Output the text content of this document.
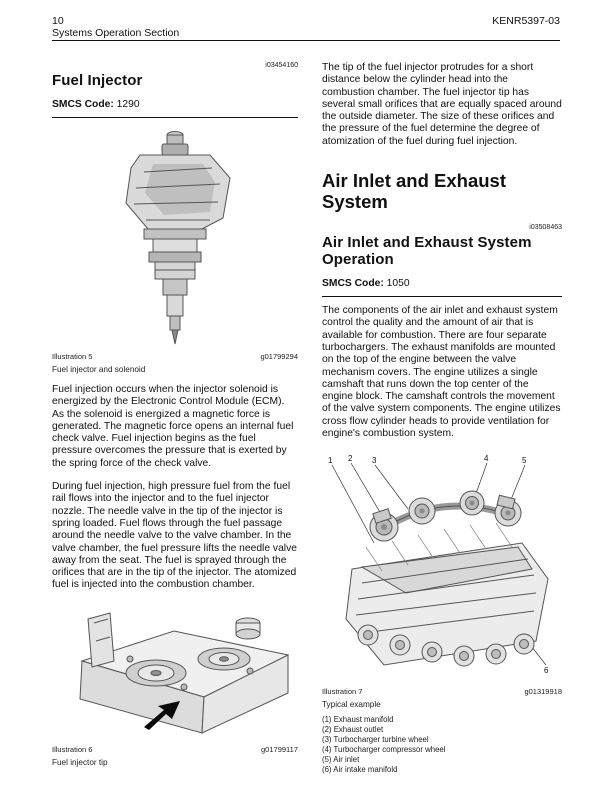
10
Systems Operation Section
KENR5397-03
i03454160
Fuel Injector
SMCS Code: 1290
Illustration 5	g01799294
Fuel injector and solenoid

Fuel injection occurs when the injector solenoid is energized by the Electronic Control Module (ECM). As the solenoid is energized a magnetic force is generated. The magnetic force opens an internal fuel check valve. Fuel injection begins as the fuel pressure overcomes the pressure that is exerted by the spring force of the check valve.

During fuel injection, high pressure fuel from the fuel rail flows into the injector and to the fuel injector nozzle. The needle valve in the tip of the injector is spring loaded. Fuel flows through the fuel passage around the needle valve to the valve chamber. In the valve chamber, the fuel pressure lifts the needle valve away from the seat. The fuel is sprayed through the orifices that are in the tip of the injector. The atomized fuel is injected into the combustion chamber.

Illustration 6	g01799117
Fuel injector tip

The tip of the fuel injector protrudes for a short distance below the cylinder head into the combustion chamber. The fuel injector tip has several small orifices that are equally spaced around the outside diameter. The size of these orifices and the pressure of the fuel determine the degree of atomization of the fuel during fuel injection.

Air Inlet and Exhaust System
i03508463
Air Inlet and Exhaust System Operation
SMCS Code: 1050

The components of the air inlet and exhaust system control the quality and the amount of air that is available for combustion. There are four separate turbochargers. The exhaust manifolds are mounted on the top of the engine between the valve mechanism covers. The engine utilizes a single camshaft that runs down the top center of the engine block. The camshaft controls the movement of the valve system components. The engine utilizes cross flow cylinder heads to provide ventilation for engine's combustion system.

1 2 3	4	5
6
Illustration 7	g01319918
Typical example
(1) Exhaust manifold
(2) Exhaust outlet
(3) Turbocharger turbine wheel
(4) Turbocharger compressor wheel
(5) Air inlet
(6) Air intake manifold
